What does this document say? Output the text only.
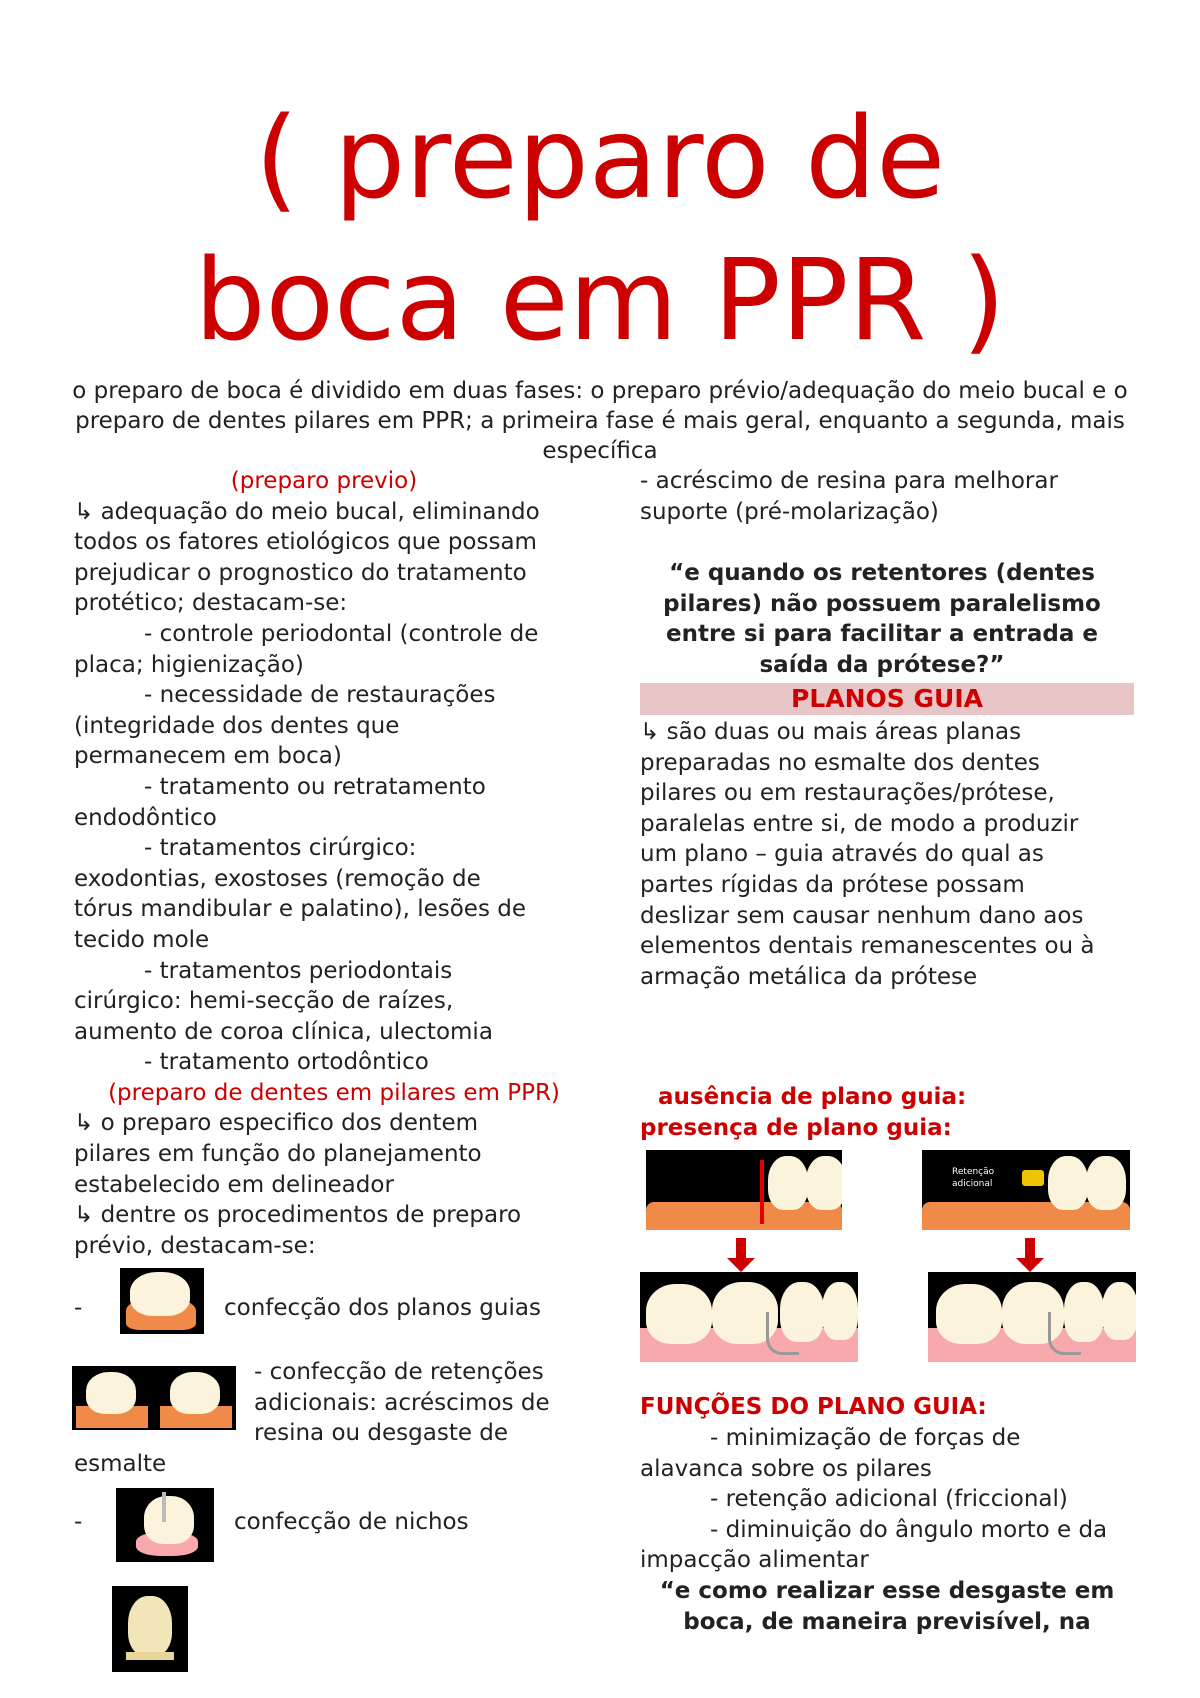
( preparo de
boca em PPR )
o preparo de boca é dividido em duas fases: o preparo prévio/adequação do meio bucal e o preparo de dentes pilares em PPR; a primeira fase é mais geral, enquanto a segunda, mais específica
(preparo previo)
↳ adequação do meio bucal, eliminando
todos os fatores etiológicos que possam
prejudicar o prognostico do tratamento
protético; destacam-se:
- controle periodontal (controle de
placa; higienização)
- necessidade de restaurações
(integridade dos dentes que
permanecem em boca)
- tratamento ou retratamento
endodôntico
- tratamentos cirúrgico:
exodontias, exostoses (remoção de
tórus mandibular e palatino), lesões de
tecido mole
- tratamentos periodontais
cirúrgico: hemi-secção de raízes,
aumento de coroa clínica, ulectomia
- tratamento ortodôntico
(preparo de dentes em pilares em PPR)
↳ o preparo especifico dos dentem
pilares em função do planejamento
estabelecido em delineador
↳ dentre os procedimentos de preparo
prévio, destacam-se:
-	confecção dos planos guias
- confecção de retenções
adicionais: acréscimos de
resina ou desgaste de
esmalte
-	confecção de nichos
- acréscimo de resina para melhorar
suporte (pré-molarização)
“e quando os retentores (dentes
pilares) não possuem paralelismo
entre si para facilitar a entrada e
saída da prótese?”
PLANOS GUIA
↳ são duas ou mais áreas planas
preparadas no esmalte dos dentes
pilares ou em restaurações/prótese,
paralelas entre si, de modo a produzir
um plano – guia através do qual as
partes rígidas da prótese possam
deslizar sem causar nenhum dano aos
elementos dentais remanescentes ou à
armação metálica da prótese
ausência de plano guia:
presença de plano guia:
Retenção
adicional
FUNÇÕES DO PLANO GUIA:
- minimização de forças de
alavanca sobre os pilares
- retenção adicional (friccional)
- diminuição do ângulo morto e da
impacção alimentar
“e como realizar esse desgaste em
boca, de maneira previsível, na
